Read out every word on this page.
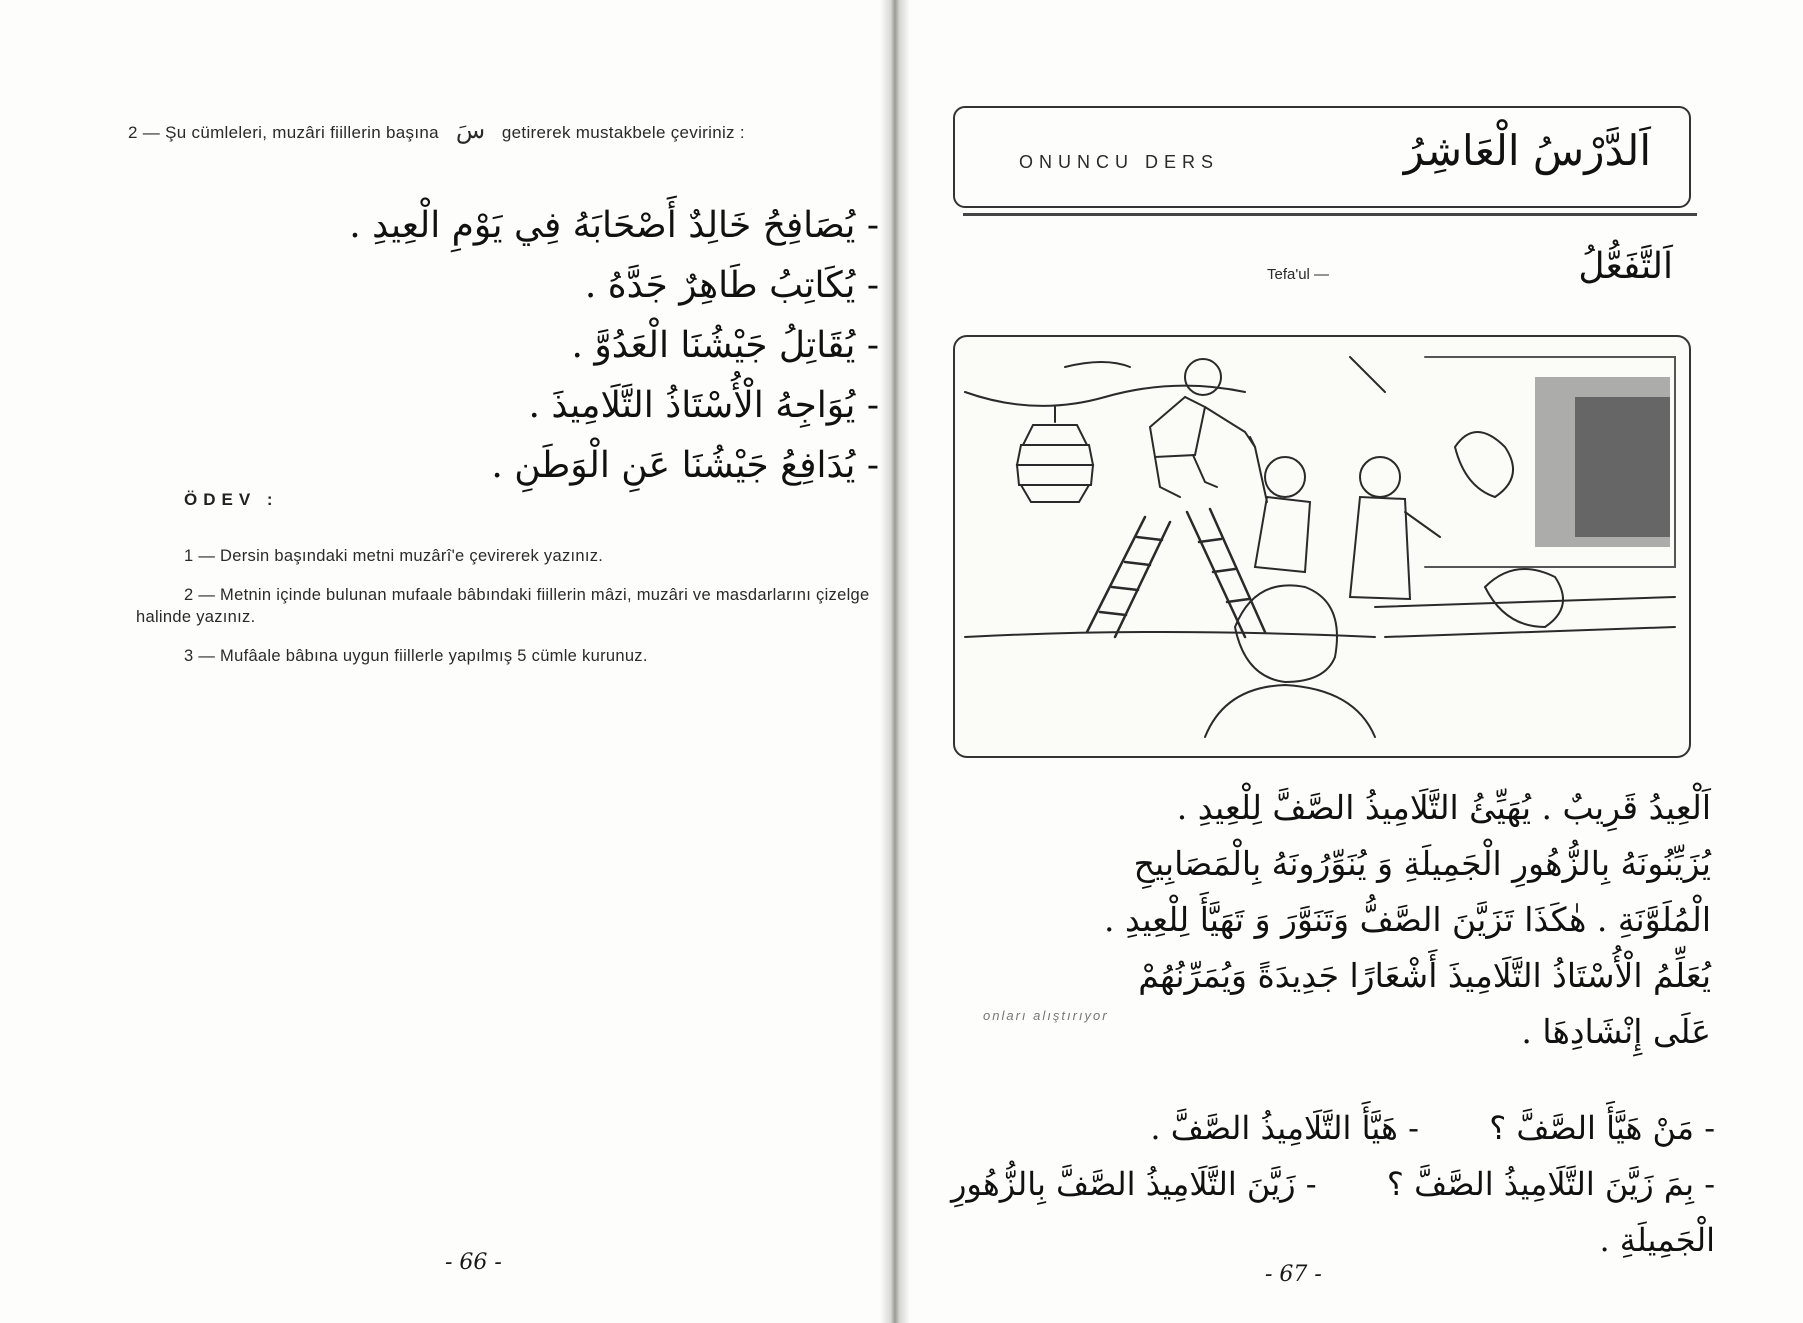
2 — Şu cümleleri, muzâri fiillerin başına سَ getirerek mustakbele çeviriniz :
- يُصَافِحُ خَالِدٌ أَصْحَابَهُ فِي يَوْمِ الْعِيدِ .
- يُكَاتِبُ طَاهِرٌ جَدَّهُ .
- يُقَاتِلُ جَيْشُنَا الْعَدُوَّ .
- يُوَاجِهُ الْأُسْتَاذُ التَّلَامِيذَ .
- يُدَافِعُ جَيْشُنَا عَنِ الْوَطَنِ .
ÖDEV :
1 — Dersin başındaki metni muzârî'e çevirerek yazınız.
2 — Metnin içinde bulunan mufaale bâbındaki fiillerin mâzi, muzâri ve masdarlarını çizelge halinde yazınız.
3 — Mufâale bâbına uygun fiillerle yapılmış 5 cümle kurunuz.
- 66 -
ONUNCU DERS	اَلدَّرْسُ الْعَاشِرُ
Tefa'ul —	اَلتَّفَعُّلُ

اَلْعِيدُ قَرِيبٌ . يُهَيِّئُ التَّلَامِيذُ الصَّفَّ لِلْعِيدِ .

يُزَيِّنُونَهُ بِالزُّهُورِ الْجَمِيلَةِ وَ يُنَوِّرُونَهُ بِالْمَصَابِيحِ

الْمُلَوَّنَةِ . هٰكَذَا تَزَيَّنَ الصَّفُّ وَتَنَوَّرَ وَ تَهَيَّأَ لِلْعِيدِ .

يُعَلِّمُ الْأُسْتَاذُ التَّلَامِيذَ أَشْعَارًا جَدِيدَةً وَيُمَرِّنُهُمْ

عَلَى إِنْشَادِهَا .

onları alıştırıyor
- مَنْ هَيَّأَ الصَّفَّ ؟  - هَيَّأَ التَّلَامِيذُ الصَّفَّ .
- بِمَ زَيَّنَ التَّلَامِيذُ الصَّفَّ ؟  - زَيَّنَ التَّلَامِيذُ الصَّفَّ بِالزُّهُورِ الْجَمِيلَةِ .
- 67 -
